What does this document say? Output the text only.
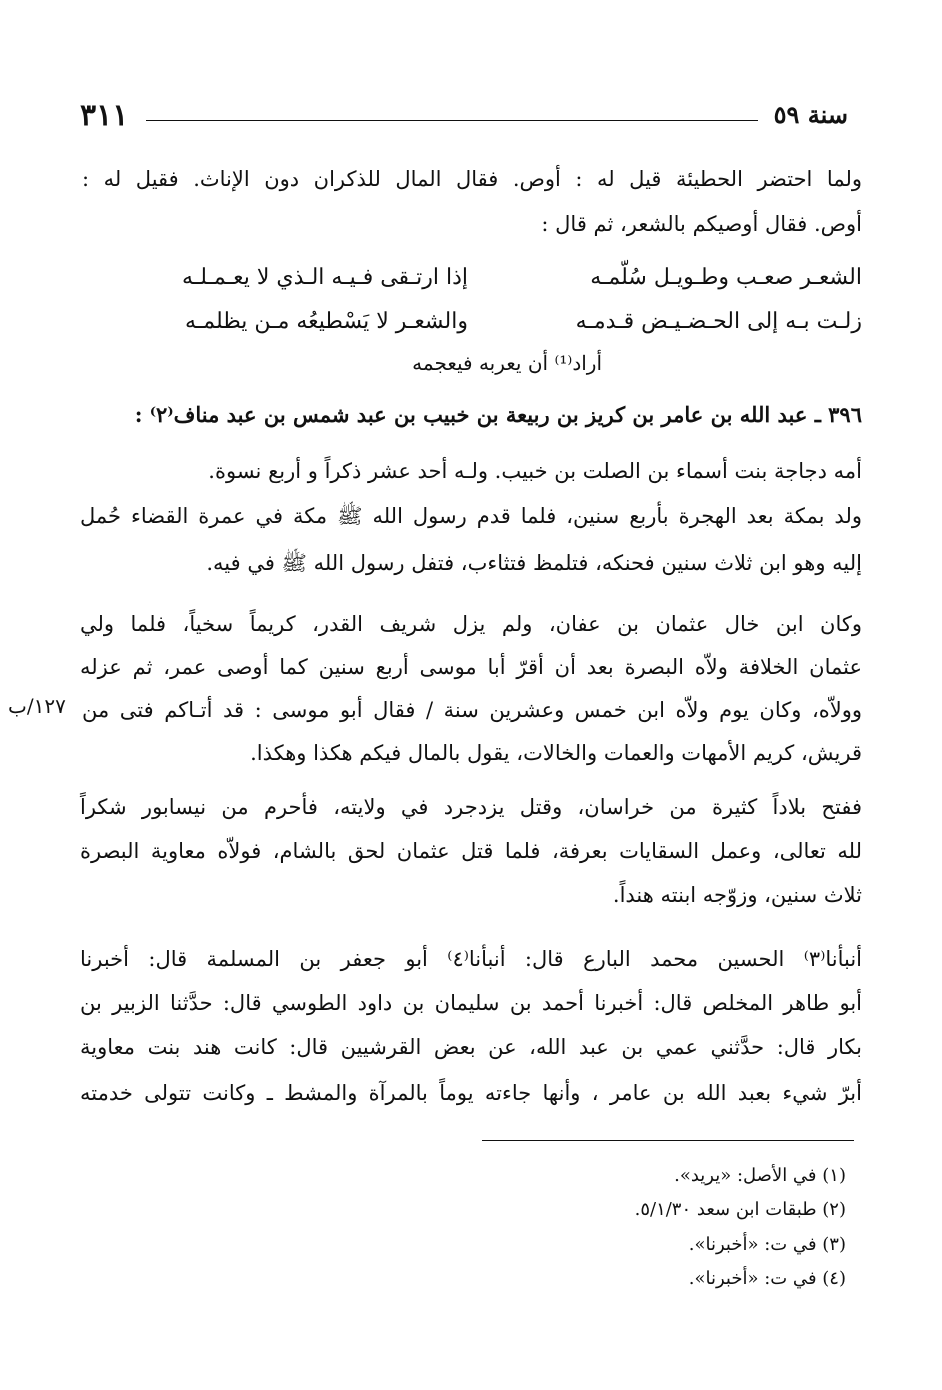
٣١١	سنة ٥٩
ولما احتضر الحطيئة قيل له : أوص. فقال المال للذكران دون الإناث. فقيل له :
أوص. فقال أوصيكم بالشعر، ثم قال :
الشعـر صعـب وطـويـل سُلّمـه
إذا ارتـقى فـيـه الـذي لا يعـمـلـه
زلـت بـه إلى الحـضـيـض قـدمـه
والشعـر لا يَسْطيعُه مـن يظلمـه
أراد⁽¹⁾ أن يعربه فيعجمه
٣٩٦ ـ عبد الله بن عامر بن كريز بن ربيعة بن خبيب بن عبد شمس بن عبد مناف⁽٢⁾ :
أمه دجاجة بنت أسماء بن الصلت بن خبيب. ولـه أحد عشر ذكراً و أربع نسوة.
ولد بمكة بعد الهجرة بأربع سنين، فلما قدم رسول الله ﷺ مكة في عمرة القضاء حُمل
إليه وهو ابن ثلاث سنين فحنكه، فتلمظ فتثاءب، فتفل رسول الله ﷺ في فيه.
وكان ابن خال عثمان بن عفان، ولم يزل شريف القدر، كريماً سخياً، فلما ولي
عثمان الخلافة ولاّه البصرة بعد أن أقرّ أبا موسى أربع سنين كما أوصى عمر، ثم عزله
وولاّه، وكان يوم ولاّه ابن خمس وعشرين سنة / فقال أبو موسى : قد أتـاكم فتى من
قريش، كريم الأمهات والعمات والخالات، يقول بالمال فيكم هكذا وهكذا.
١٢٧/ب
ففتح بلاداً كثيرة من خراسان، وقتل يزدجرد في ولايته، فأحرم من نيسابور شكراً
لله تعالى، وعمل السقايات بعرفة، فلما قتل عثمان لحق بالشام، فولاّه معاوية البصرة
ثلاث سنين، وزوّجه ابنته هنداً.
أنبأنا⁽٣⁾ الحسين محمد البارع قال: أنبأنا⁽٤⁾ أبو جعفر بن المسلمة قال: أخبرنا
أبو طاهر المخلص قال: أخبرنا أحمد بن سليمان بن داود الطوسي قال: حدَّثنا الزبير بن
بكار قال: حدَّثني عمي بن عبد الله، عن بعض القرشيين قال: كانت هند بنت معاوية
أبرّ شيء بعبد الله بن عامر ، وأنها جاءته يوماً بالمرآة والمشط ـ وكانت تتولى خدمته
(١) في الأصل: «يريد».
(٢) طبقات ابن سعد ٥/١/٣٠.
(٣) في ت: «أخبرنا».
(٤) في ت: «أخبرنا».
